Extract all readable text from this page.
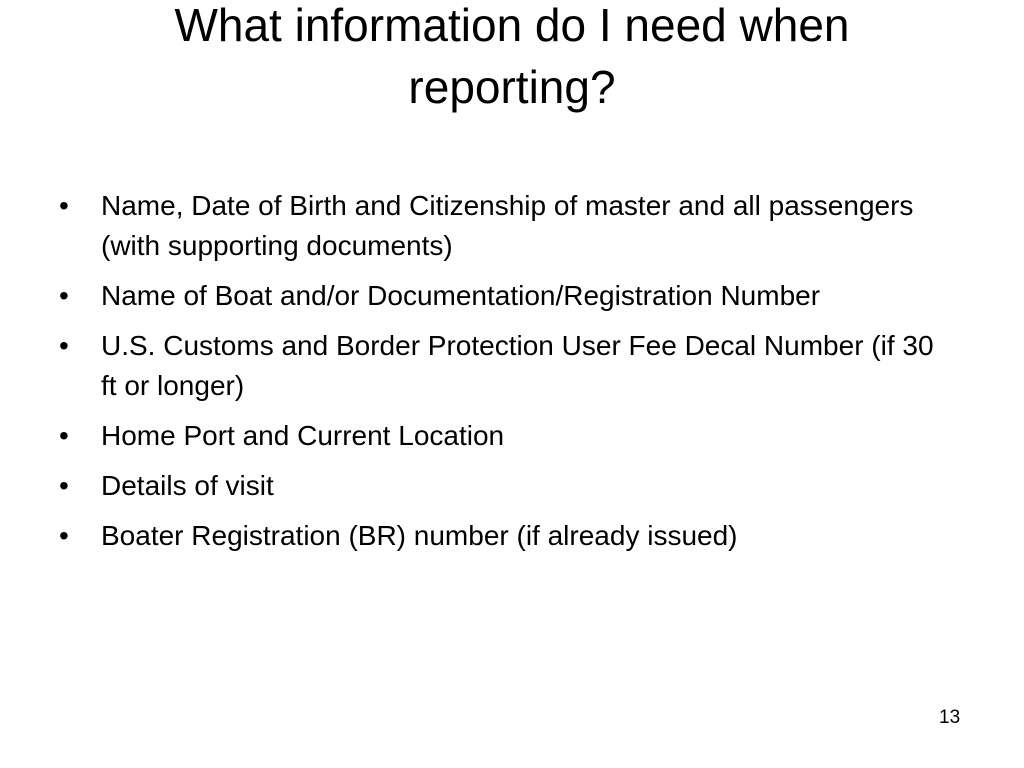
What information do I need when
reporting?
• Name, Date of Birth and Citizenship of master and all passengers (with supporting documents)
• Name of Boat and/or Documentation/Registration Number
• U.S. Customs and Border Protection User Fee Decal Number (if 30 ft or longer)
• Home Port and Current Location
• Details of visit
• Boater Registration (BR) number (if already issued)
13
